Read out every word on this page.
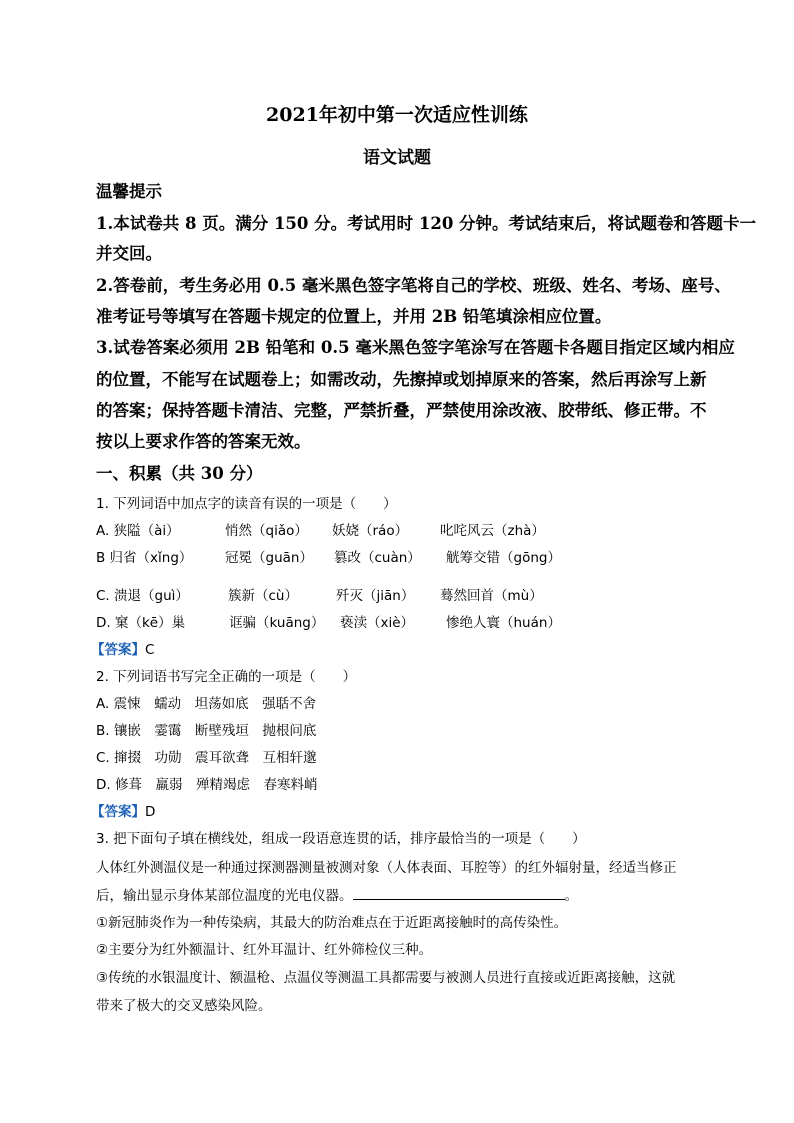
2021年初中第一次适应性训练
语文试题
温馨提示
1.本试卷共 8 页。满分 150 分。考试用时 120 分钟。考试结束后，将试题卷和答题卡一
并交回。
2.答卷前，考生务必用 0.5 毫米黑色签字笔将自己的学校、班级、姓名、考场、座号、
准考证号等填写在答题卡规定的位置上，并用 2B 铅笔填涂相应位置。
3.试卷答案必须用 2B 铅笔和 0.5 毫米黑色签字笔涂写在答题卡各题目指定区域内相应
的位置，不能写在试题卷上；如需改动，先擦掉或划掉原来的答案，然后再涂写上新
的答案；保持答题卡清洁、完整，严禁折叠，严禁使用涂改液、胶带纸、修正带。不
按以上要求作答的答案无效。
一、积累（共 30 分）
1. 下列词语中加点字的读音有误的一项是（　　）
A. 狭隘（ài）	悄然（qiǎo） 妖娆（ráo） 叱咤风云（zhà）
B 归省（xǐng） 冠冕（guān） 篡改（cuàn） 觥筹交错（gōng）
C. 溃退（guì）	簇新（cù）	歼灭（jiān） 蓦然回首（mù）
D. 窠（kē）巢	诓骗（kuāng） 亵渎（xiè） 惨绝人寰（huán）
【答案】C
2. 下列词语书写完全正确的一项是（　　）
A. 震悚　蠕动　坦荡如底　强聒不舍
B. 镶嵌　霎霭　断壁残垣　抛根问底
C. 撺掇　功勋　震耳欲聋　互相轩邈
D. 修葺　羸弱　殚精竭虑　春寒料峭
【答案】D
3. 把下面句子填在横线处，组成一段语意连贯的话，排序最恰当的一项是（　　）
人体红外测温仪是一种通过探测器测量被测对象（人体表面、耳腔等）的红外辐射量，经适当修正
后，输出显示身体某部位温度的光电仪器。	。
①新冠肺炎作为一种传染病，其最大的防治难点在于近距离接触时的高传染性。
②主要分为红外额温计、红外耳温计、红外筛检仪三种。
③传统的水银温度计、额温枪、点温仪等测温工具都需要与被测人员进行直接或近距离接触，这就
带来了极大的交叉感染风险。
